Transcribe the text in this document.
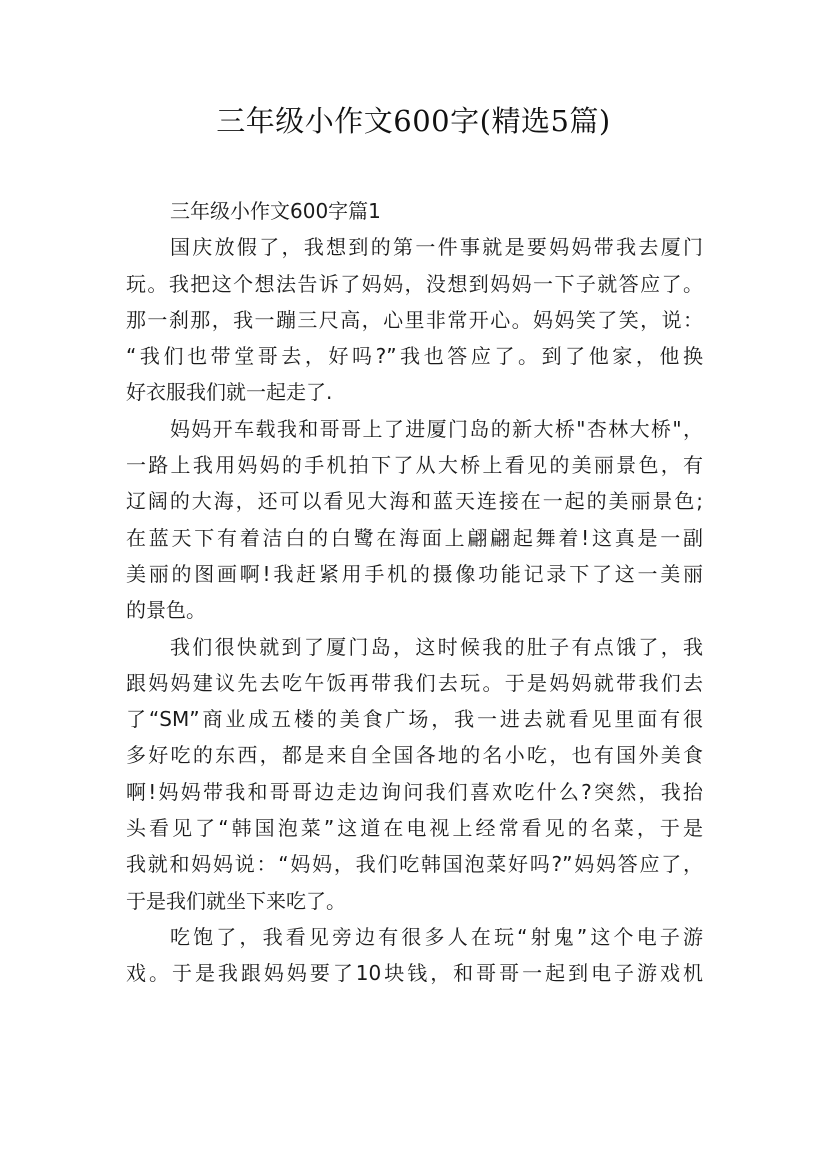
三年级小作文600字(精选5篇)
三年级小作文600字篇1
国庆放假了，我想到的第一件事就是要妈妈带我去厦门
玩。我把这个想法告诉了妈妈，没想到妈妈一下子就答应了。
那一刹那，我一蹦三尺高，心里非常开心。妈妈笑了笑，说：
“我们也带堂哥去，好吗?”我也答应了。到了他家，他换
好衣服我们就一起走了.
妈妈开车载我和哥哥上了进厦门岛的新大桥"杏林大桥"，
一路上我用妈妈的手机拍下了从大桥上看见的美丽景色，有
辽阔的大海，还可以看见大海和蓝天连接在一起的美丽景色;
在蓝天下有着洁白的白鹭在海面上翩翩起舞着!这真是一副
美丽的图画啊!我赶紧用手机的摄像功能记录下了这一美丽
的景色。
我们很快就到了厦门岛，这时候我的肚子有点饿了，我
跟妈妈建议先去吃午饭再带我们去玩。于是妈妈就带我们去
了“SM”商业成五楼的美食广场，我一进去就看见里面有很
多好吃的东西，都是来自全国各地的名小吃，也有国外美食
啊!妈妈带我和哥哥边走边询问我们喜欢吃什么?突然，我抬
头看见了“韩国泡菜”这道在电视上经常看见的名菜，于是
我就和妈妈说：“妈妈，我们吃韩国泡菜好吗?”妈妈答应了，
于是我们就坐下来吃了。
吃饱了，我看见旁边有很多人在玩“射鬼”这个电子游
戏。于是我跟妈妈要了10块钱，和哥哥一起到电子游戏机
